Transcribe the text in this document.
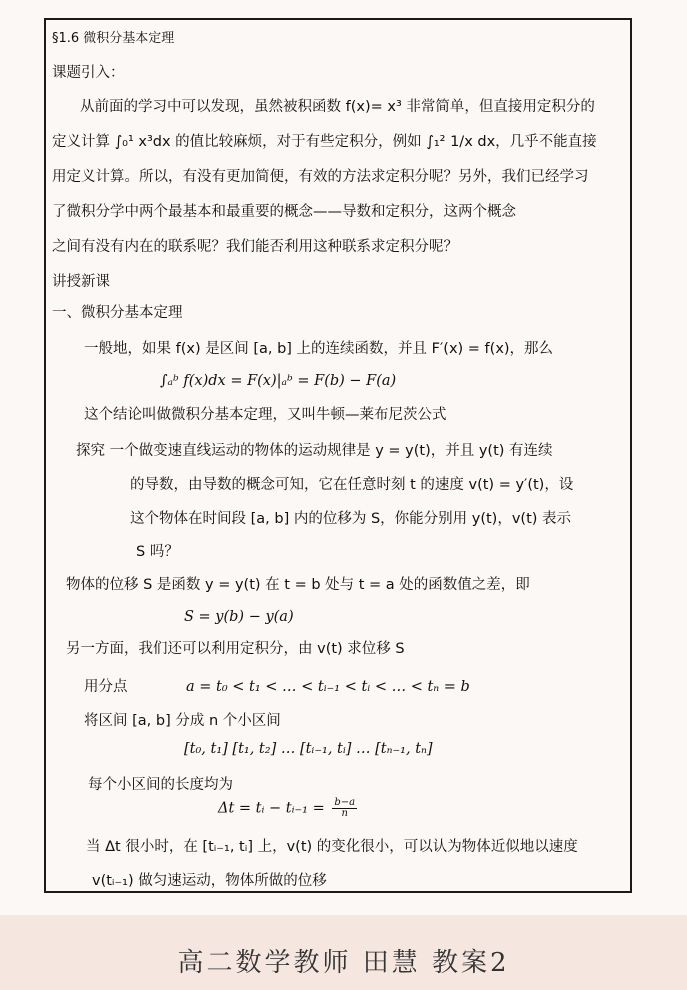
§1.6 微积分基本定理
课题引入：
从前面的学习中可以发现，虽然被积函数 f(x)= x³ 非常简单，但直接用定积分的
定义计算 ∫₀¹ x³dx 的值比较麻烦，对于有些定积分，例如 ∫₁² 1/x dx，几乎不能直接
用定义计算。所以，有没有更加简便，有效的方法求定积分呢？另外，我们已经学习
了微积分学中两个最基本和最重要的概念——导数和定积分，这两个概念
之间有没有内在的联系呢？我们能否利用这种联系求定积分呢？
讲授新课
一、微积分基本定理
一般地，如果 f(x) 是区间 [a, b] 上的连续函数，并且 F′(x) = f(x)，那么
∫ₐᵇ f(x)dx = F(x)|ₐᵇ = F(b) − F(a)
这个结论叫做微积分基本定理，又叫牛顿—莱布尼茨公式
探究 一个做变速直线运动的物体的运动规律是 y = y(t)，并且 y(t) 有连续
的导数，由导数的概念可知，它在任意时刻 t 的速度 v(t) = y′(t)，设
这个物体在时间段 [a, b] 内的位移为 S，你能分别用 y(t)，v(t) 表示
S 吗？
物体的位移 S 是函数 y = y(t) 在 t = b 处与 t = a 处的函数值之差，即
S = y(b) − y(a)
另一方面，我们还可以利用定积分，由 v(t) 求位移 S
用分点	a = t₀ < t₁ < … < tᵢ₋₁ < tᵢ < … < tₙ = b
将区间 [a, b] 分成 n 个小区间
[t₀, t₁] [t₁, t₂] … [tᵢ₋₁, tᵢ] … [tₙ₋₁, tₙ]
每个小区间的长度均为
Δt = tᵢ − tᵢ₋₁ = $\frac{b-a}{n}$
当 Δt 很小时，在 [tᵢ₋₁, tᵢ] 上，v(t) 的变化很小，可以认为物体近似地以速度
v(tᵢ₋₁) 做匀速运动，物体所做的位移
高二数学教师 田慧 教案2
